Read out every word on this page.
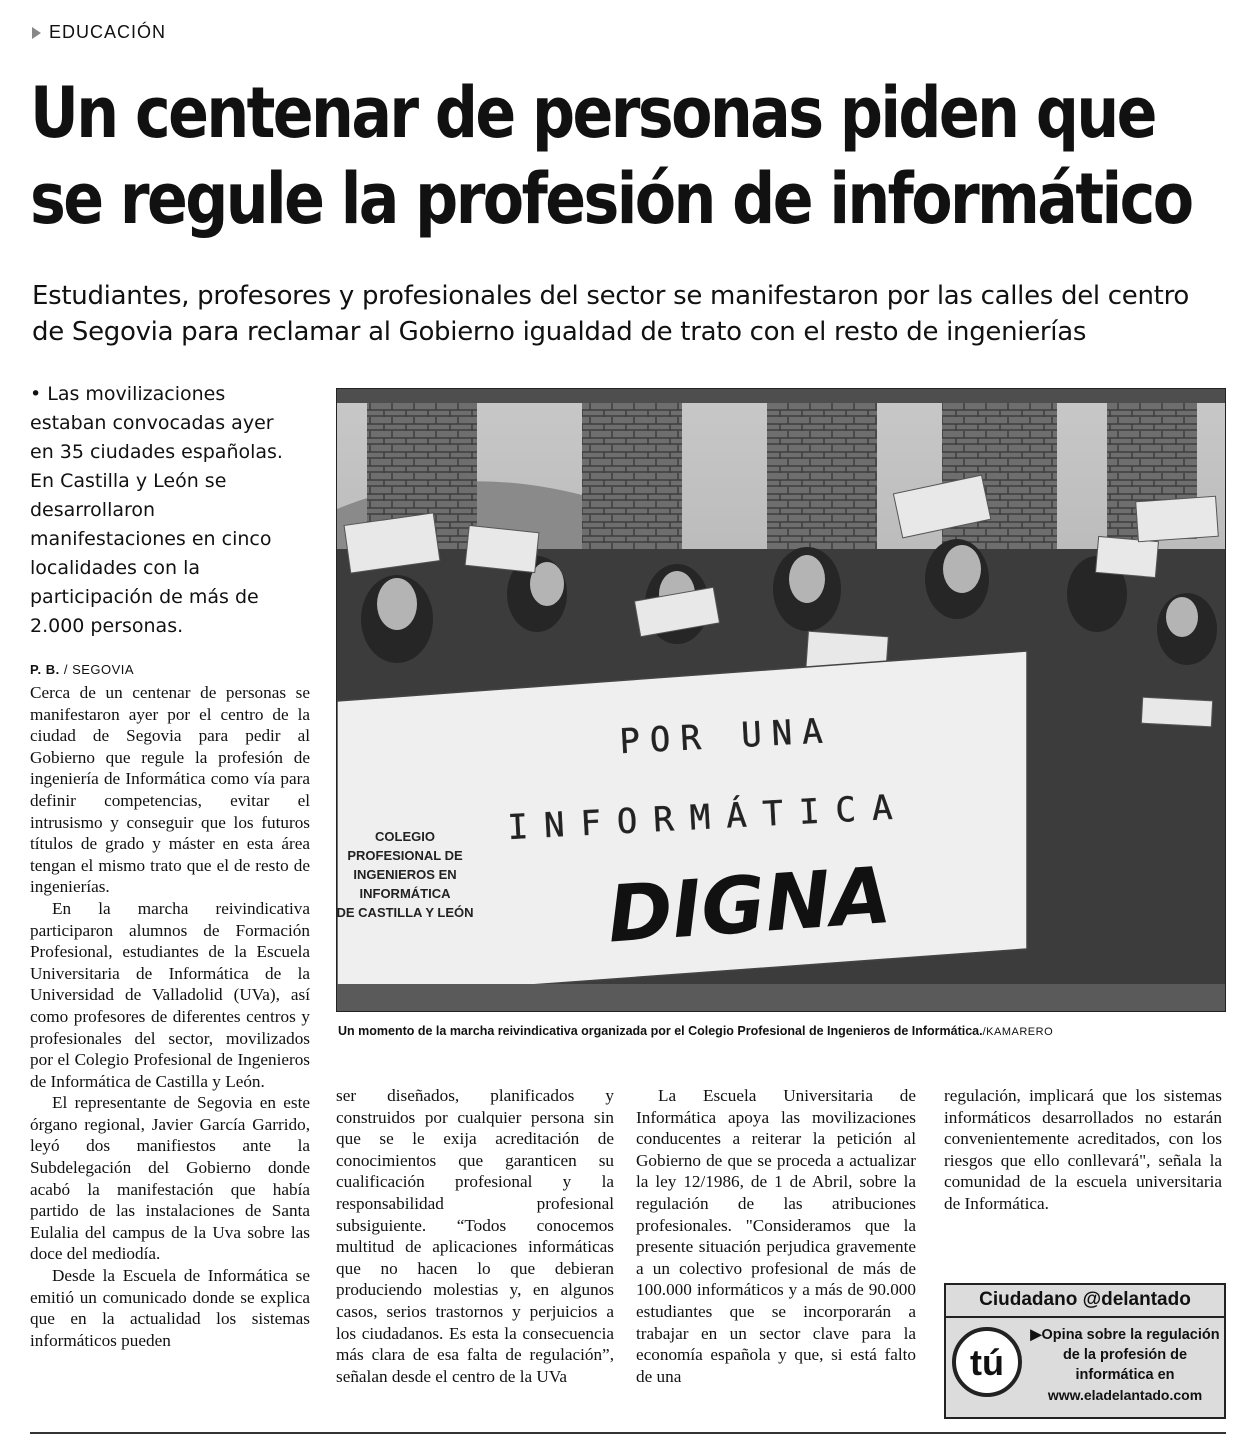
EDUCACIÓN
Un centenar de personas piden que
se regule la profesión de informático
Estudiantes, profesores y profesionales del sector se manifestaron por las calles del centro
de Segovia para reclamar al Gobierno igualdad de trato con el resto de ingenierías
• Las movilizaciones estaban convocadas ayer en 35 ciudades españolas. En Castilla y León se desarrollaron manifestaciones en cinco localidades con la participación de más de 2.000 personas.
P. B. / SEGOVIA

Cerca de un centenar de personas se manifestaron ayer por el centro de la ciudad de Segovia para pedir al Gobierno que regule la profesión de ingeniería de Informática como vía para definir competencias, evitar el intrusismo y conseguir que los futuros títulos de grado y máster en esta área tengan el mismo trato que el de resto de ingenierías.

En la marcha reivindicativa participaron alumnos de Formación Profesional, estudiantes de la Escuela Universitaria de Informática de la Universidad de Valladolid (UVa), así como profesores de diferentes centros y profesionales del sector, movilizados por el Colegio Profesional de Ingenieros de Informática de Castilla y León.

El representante de Segovia en este órgano regional, Javier García Garrido, leyó dos manifiestos ante la Subdelegación del Gobierno donde acabó la manifestación que había partido de las instalaciones de Santa Eulalia del campus de la Uva sobre las doce del mediodía.

Desde la Escuela de Informática se emitió un comunicado donde se explica que en la actualidad los sistemas informáticos pueden

POR UNA
INFORMÁTICA
DIGNA
COLEGIO
PROFESIONAL DE
INGENIEROS EN
INFORMÁTICA
DE CASTILLA Y LEÓN
Un momento de la marcha reivindicativa organizada por el Colegio Profesional de Ingenieros de Informática./KAMARERO

ser diseñados, planificados y construidos por cualquier persona sin que se le exija acreditación de conocimientos que garanticen su cualificación profesional y la responsabilidad profesional subsiguiente. “Todos conocemos multitud de aplicaciones informáticas que no hacen lo que debieran produciendo molestias y, en algunos casos, serios trastornos y perjuicios a los ciudadanos. Es esta la consecuencia más clara de esa falta de regulación”, señalan desde el centro de la UVa

La Escuela Universitaria de Informática apoya las movilizaciones conducentes a reiterar la petición al Gobierno de que se proceda a actualizar la ley 12/1986, de 1 de Abril, sobre la regulación de las atribuciones profesionales. "Consideramos que la presente situación perjudica gravemente a un colectivo profesional de más de 100.000 informáticos y a más de 90.000 estudiantes que se incorporarán a trabajar en un sector clave para la economía española y que, si está falto de una

regulación, implicará que los sistemas informáticos desarrollados no estarán convenientemente acreditados, con los riesgos que ello conllevará", señala la comunidad de la escuela universitaria de Informática.

Ciudadano @delantado
tú
▶Opina sobre la regulación de la profesión de informática en
www.eladelantado.com
